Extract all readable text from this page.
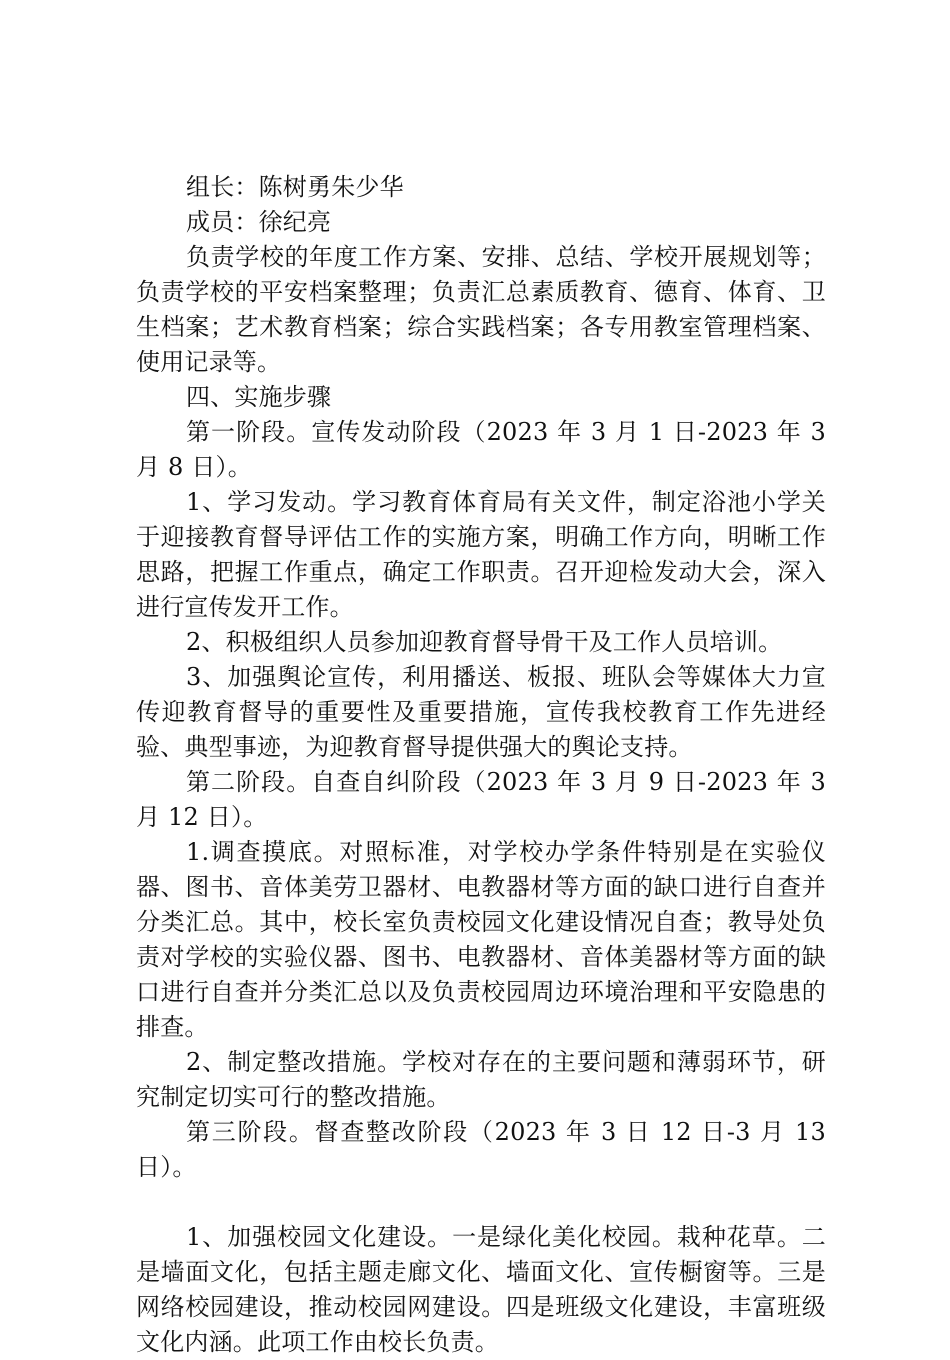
组长：陈树勇朱少华

成员：徐纪亮

负责学校的年度工作方案、安排、总结、学校开展规划等；负责学校的平安档案整理；负责汇总素质教育、德育、体育、卫生档案；艺术教育档案；综合实践档案；各专用教室管理档案、使用记录等。

四、实施步骤

第一阶段。宣传发动阶段（2023 年 3 月 1 日-2023 年 3 月 8 日）。

1、学习发动。学习教育体育局有关文件，制定浴池小学关于迎接教育督导评估工作的实施方案，明确工作方向，明晰工作思路，把握工作重点，确定工作职责。召开迎检发动大会，深入进行宣传发开工作。

2、积极组织人员参加迎教育督导骨干及工作人员培训。

3、加强舆论宣传，利用播送、板报、班队会等媒体大力宣传迎教育督导的重要性及重要措施，宣传我校教育工作先进经验、典型事迹，为迎教育督导提供强大的舆论支持。

第二阶段。自查自纠阶段（2023 年 3 月 9 日-2023 年 3 月 12 日）。

1.调查摸底。对照标准，对学校办学条件特别是在实验仪器、图书、音体美劳卫器材、电教器材等方面的缺口进行自查并分类汇总。其中，校长室负责校园文化建设情况自查；教导处负责对学校的实验仪器、图书、电教器材、音体美器材等方面的缺口进行自查并分类汇总以及负责校园周边环境治理和平安隐患的排查。

2、制定整改措施。学校对存在的主要问题和薄弱环节，研究制定切实可行的整改措施。

第三阶段。督查整改阶段（2023 年 3 日 12 日-3 月 13 日）。

1、加强校园文化建设。一是绿化美化校园。栽种花草。二是墙面文化，包括主题走廊文化、墙面文化、宣传橱窗等。三是网络校园建设，推动校园网建设。四是班级文化建设，丰富班级文化内涵。此项工作由校长负责。
